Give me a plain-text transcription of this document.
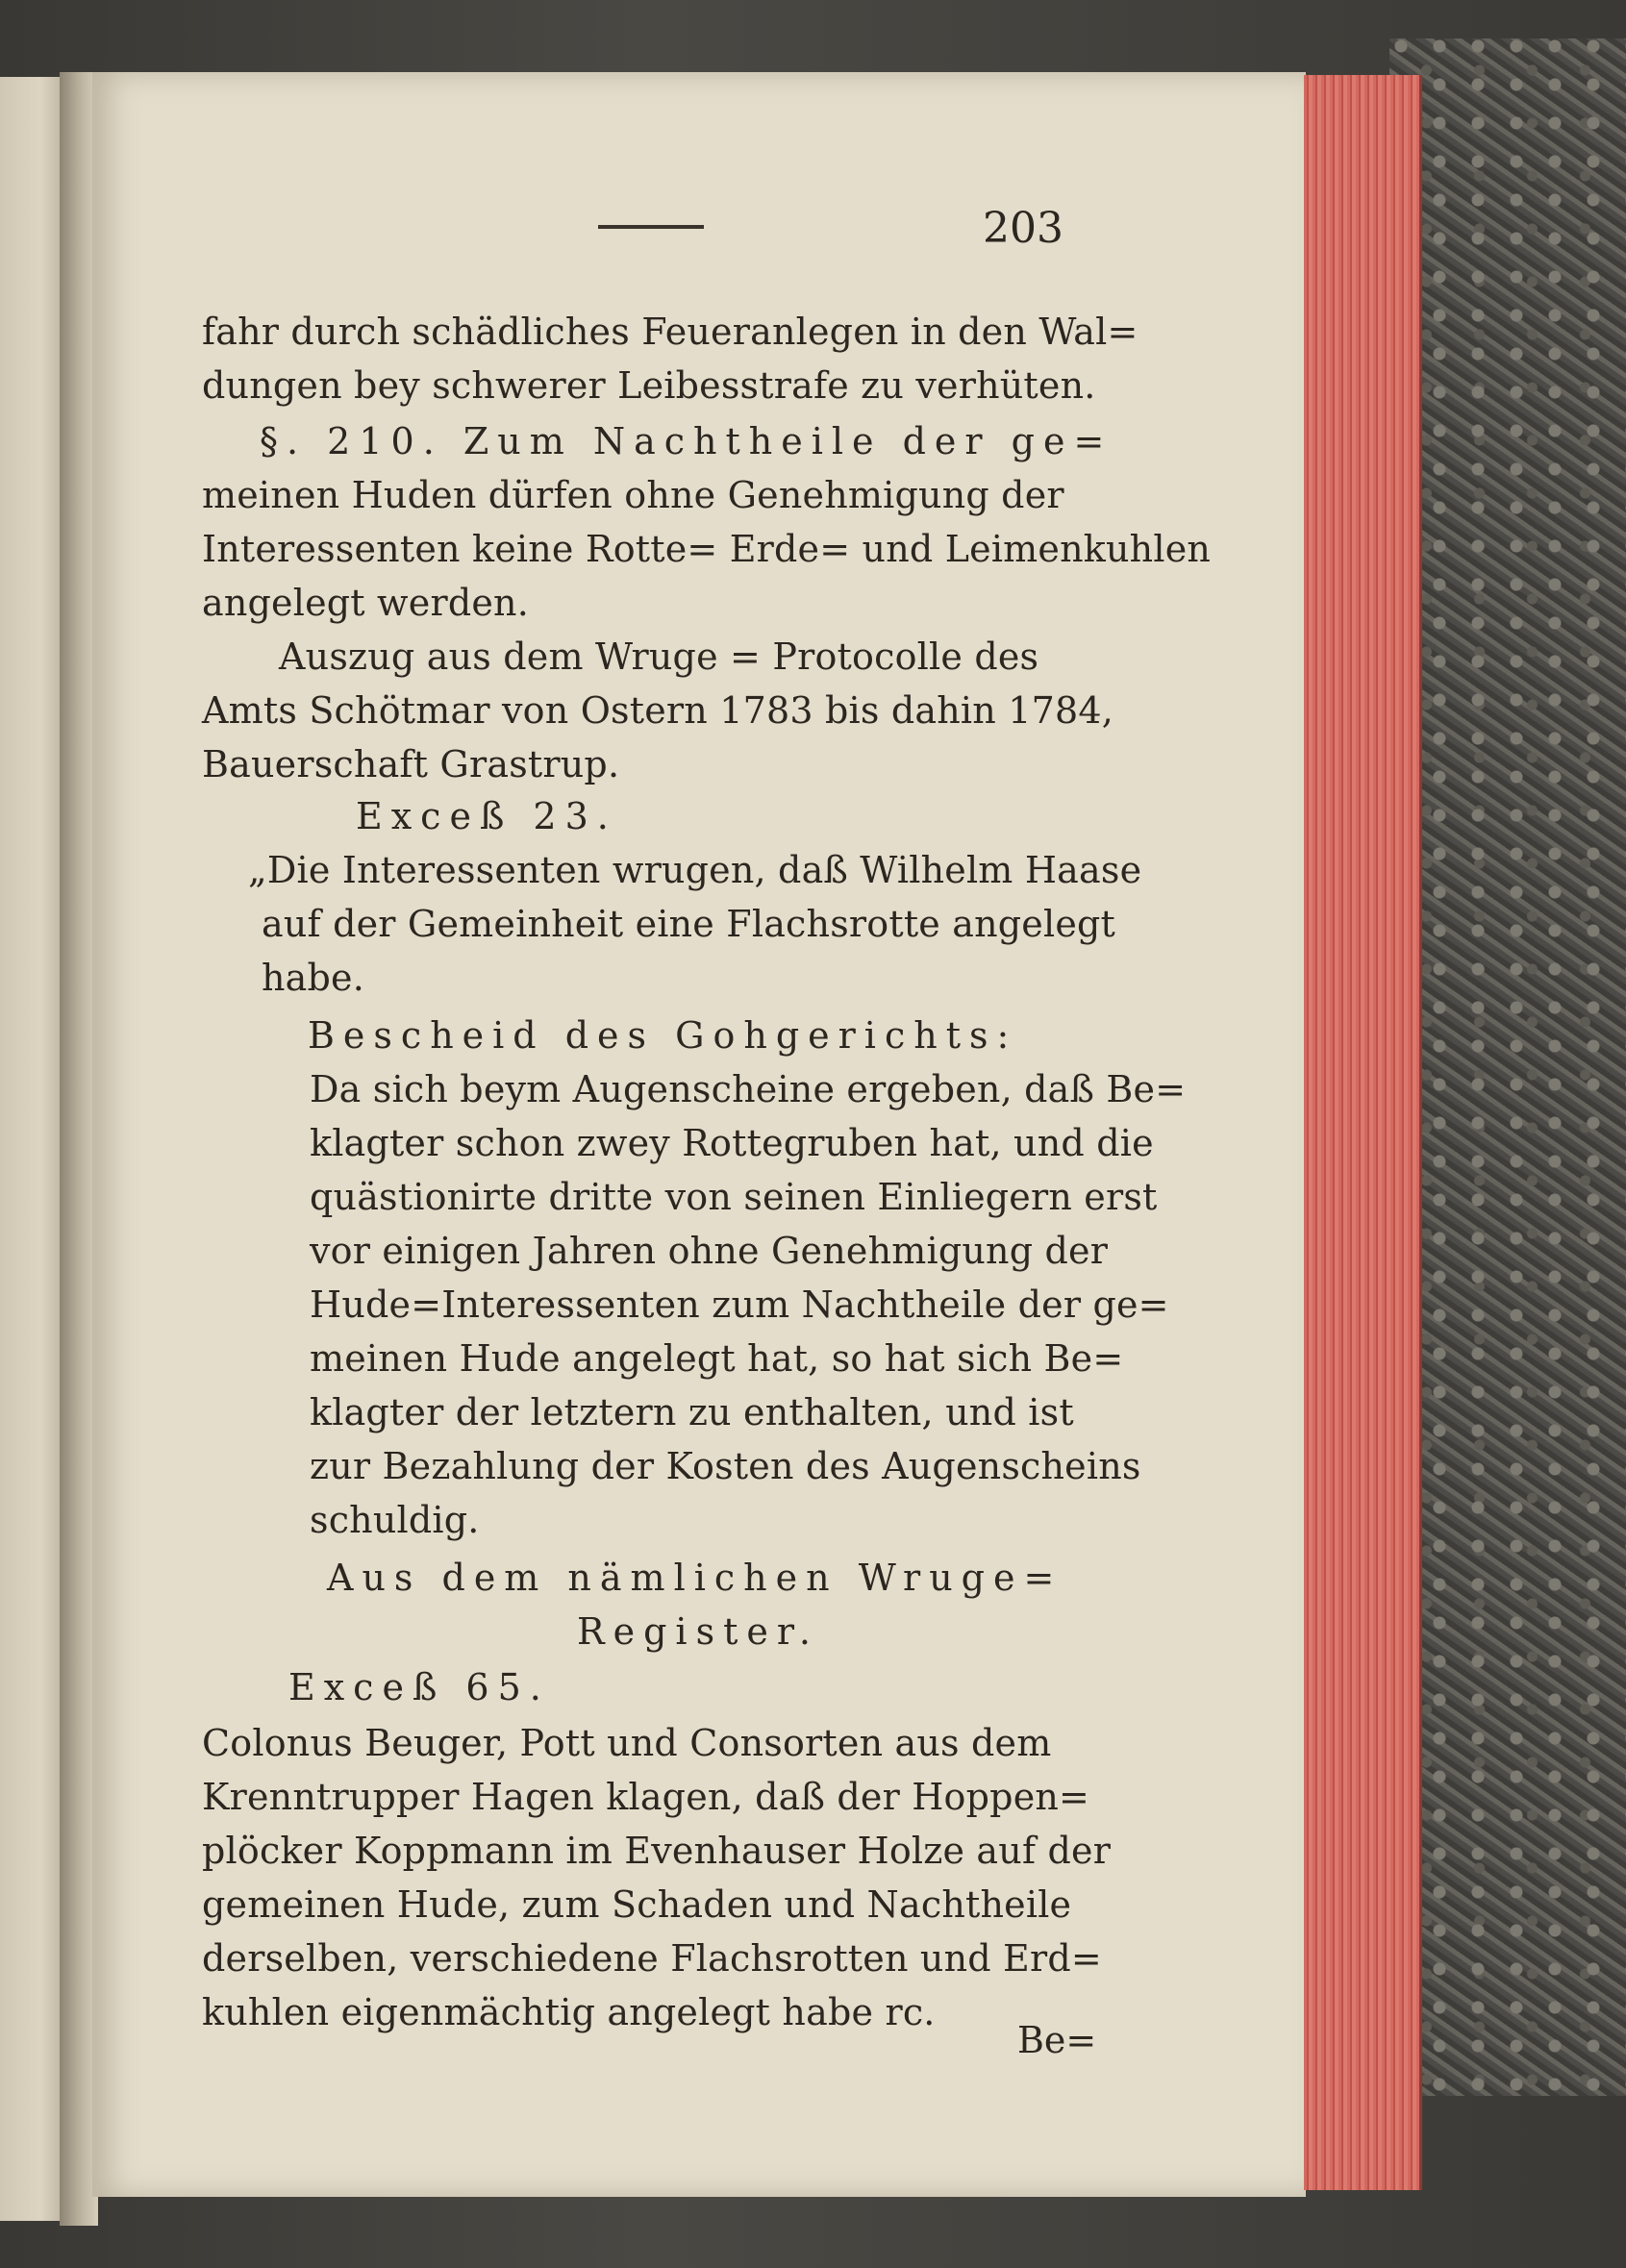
203
fahr durch schädliches Feueranlegen in den Wal=
dungen bey schwerer Leibesstrafe zu verhüten.
§. 210. Zum Nachtheile der ge=
meinen Huden dürfen ohne Genehmigung der
Interessenten keine Rotte= Erde= und Leimenkuhlen
angelegt werden.
Auszug aus dem Wruge = Protocolle des
Amts Schötmar von Ostern 1783 bis dahin 1784,
Bauerschaft Grastrup.
Exceß 23.
„Die Interessenten wrugen, daß Wilhelm Haase
auf der Gemeinheit eine Flachsrotte angelegt
habe.
Bescheid des Gohgerichts:
Da sich beym Augenscheine ergeben, daß Be=
klagter schon zwey Rottegruben hat, und die
quästionirte dritte von seinen Einliegern erst
vor einigen Jahren ohne Genehmigung der
Hude=Interessenten zum Nachtheile der ge=
meinen Hude angelegt hat, so hat sich Be=
klagter der letztern zu enthalten, und ist
zur Bezahlung der Kosten des Augenscheins
schuldig.
Aus dem nämlichen Wruge=
Register.
Exceß 65.
Colonus Beuger, Pott und Consorten aus dem
Krenntrupper Hagen klagen, daß der Hoppen=
plöcker Koppmann im Evenhauser Holze auf der
gemeinen Hude, zum Schaden und Nachtheile
derselben, verschiedene Flachsrotten und Erd=
kuhlen eigenmächtig angelegt habe rc.
Be=
